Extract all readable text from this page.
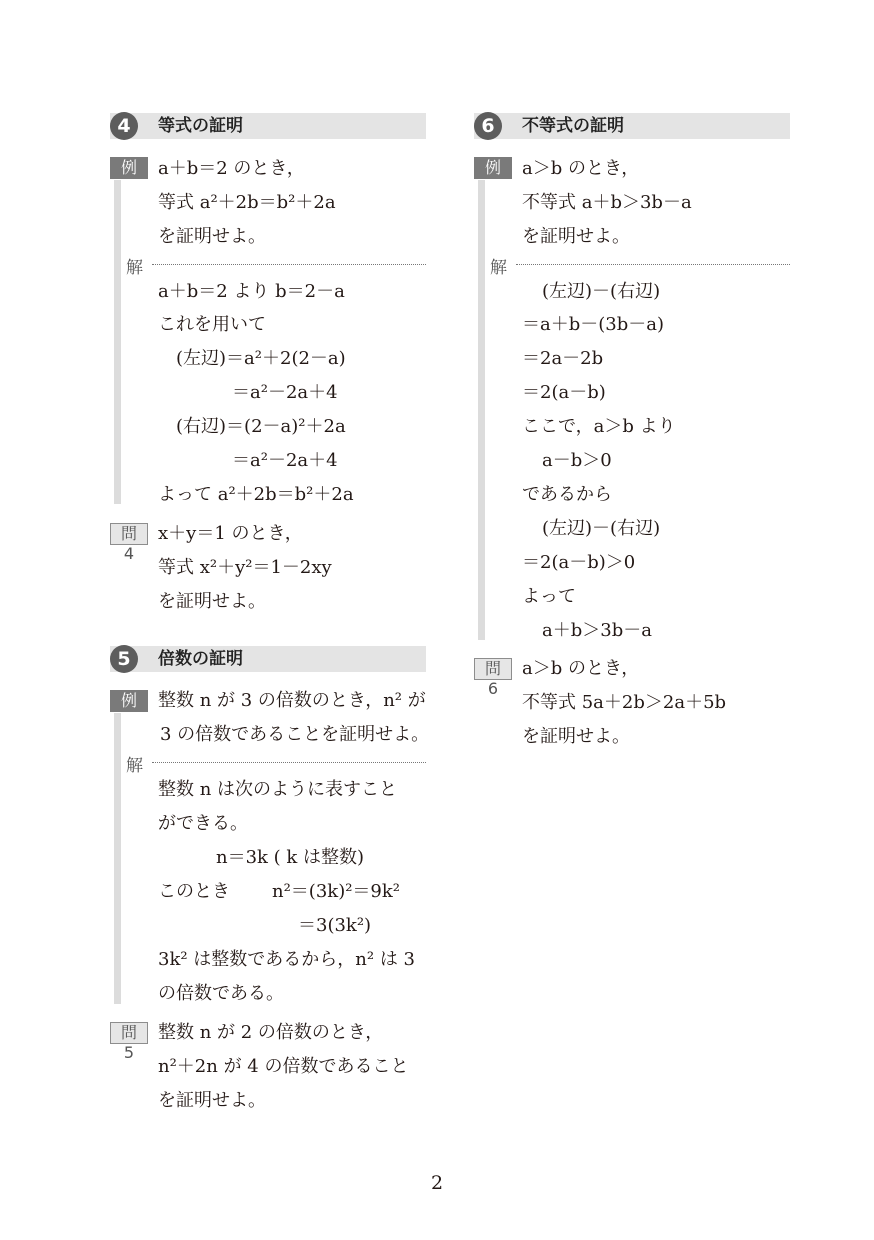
4	等式の証明
例 4
a＋b＝2 のとき，
等式 a²＋2b＝b²＋2a
を証明せよ。
解
a＋b＝2 より b＝2－a
これを用いて
(左辺)＝a²＋2(2－a)
＝a²－2a＋4
(右辺)＝(2－a)²＋2a
＝a²－2a＋4
よって a²＋2b＝b²＋2a
問 4
x＋y＝1 のとき，
等式 x²＋y²＝1－2xy
を証明せよ。
5	倍数の証明
例 5
整数 n が 3 の倍数のとき，n² が
3 の倍数であることを証明せよ。
解
整数 n は次のように表すこと
ができる。
n＝3k ( k は整数)
このとき n²＝(3k)²＝9k²
＝3(3k²)
3k² は整数であるから，n² は 3
の倍数である。
問 5
整数 n が 2 の倍数のとき，
n²＋2n が 4 の倍数であること
を証明せよ。
6	不等式の証明
例 6
a＞b のとき，
不等式 a＋b＞3b－a
を証明せよ。
解
(左辺)－(右辺)
＝a＋b－(3b－a)
＝2a－2b
＝2(a－b)
ここで，a＞b より
a－b＞0
であるから
(左辺)－(右辺)
＝2(a－b)＞0
よって
a＋b＞3b－a
問 6
a＞b のとき，
不等式 5a＋2b＞2a＋5b
を証明せよ。
2
